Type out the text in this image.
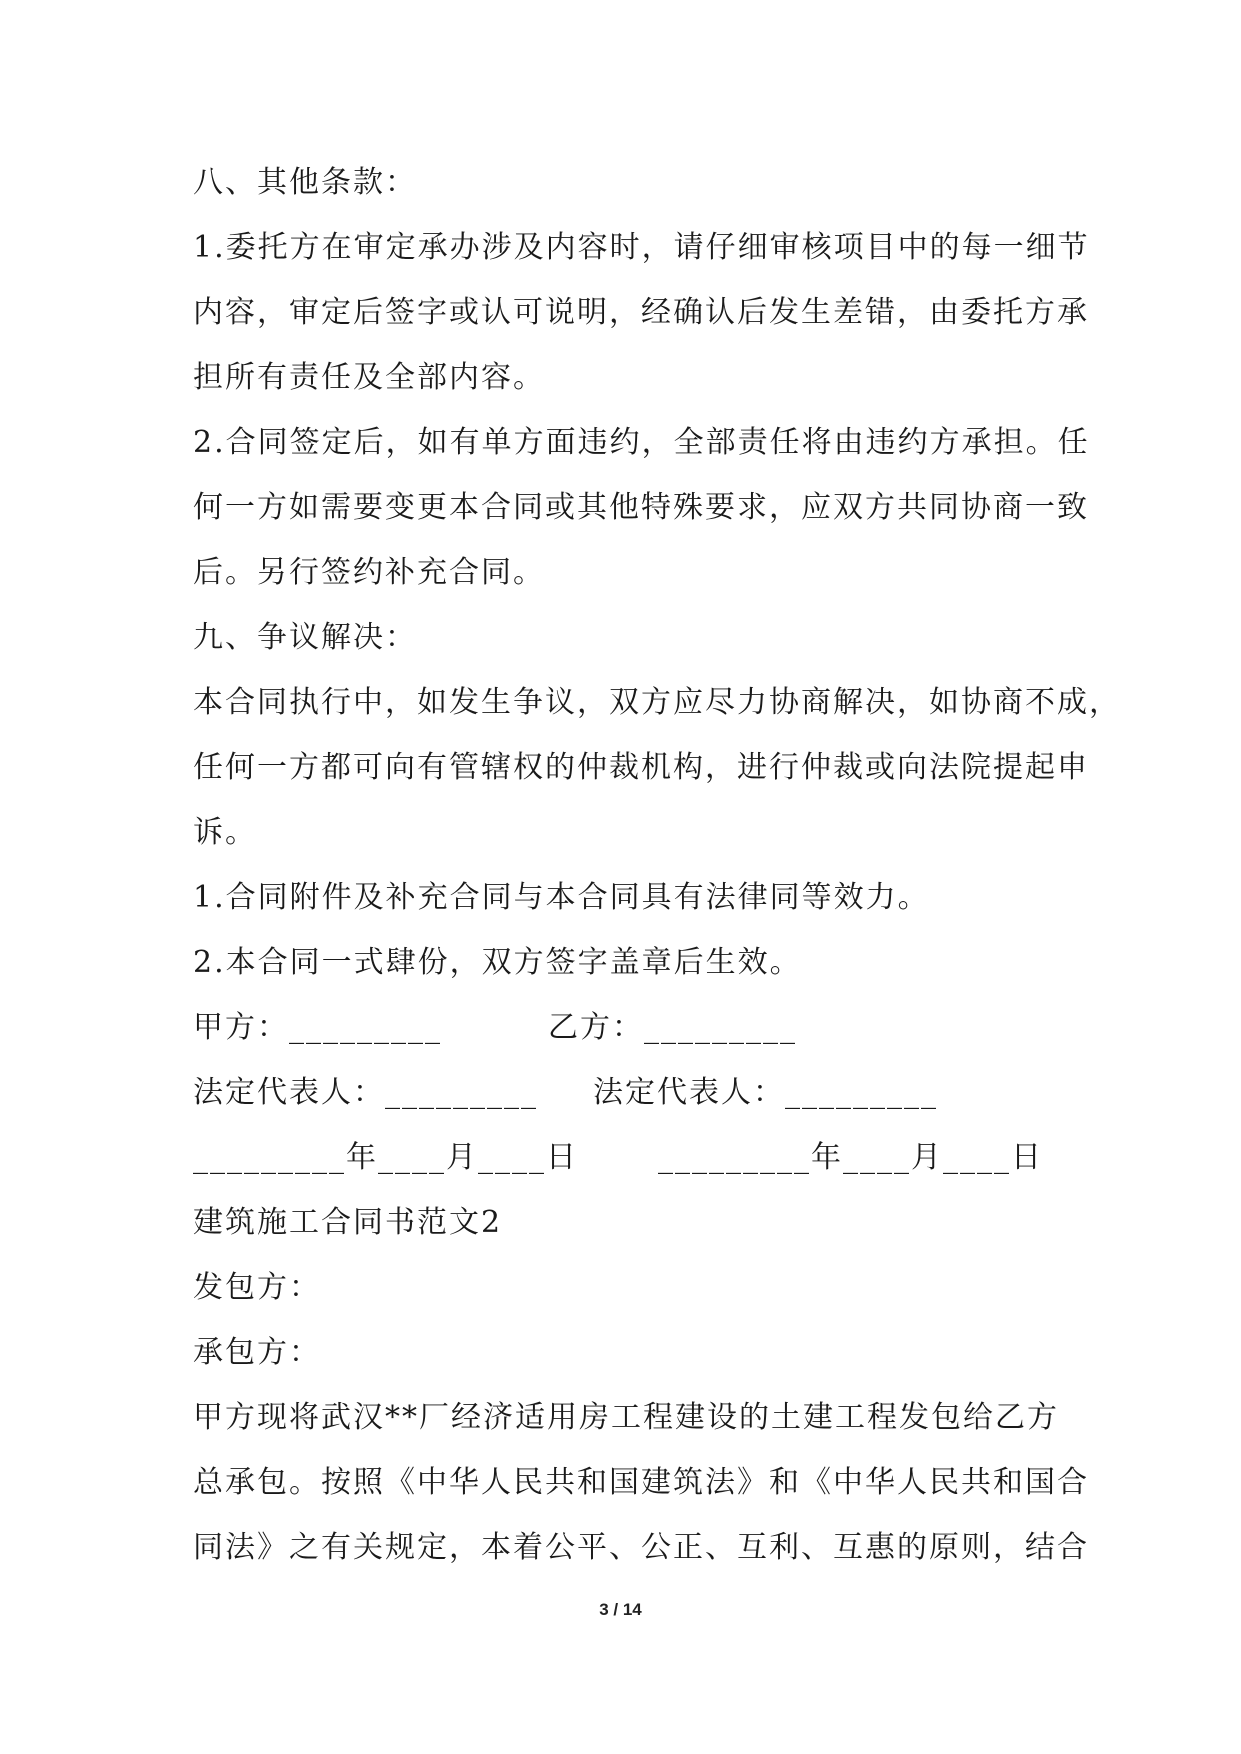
八、其他条款：
1.委托方在审定承办涉及内容时，请仔细审核项目中的每一细节
内容，审定后签字或认可说明，经确认后发生差错，由委托方承
担所有责任及全部内容。
2.合同签定后，如有单方面违约，全部责任将由违约方承担。任
何一方如需要变更本合同或其他特殊要求，应双方共同协商一致
后。另行签约补充合同。
九、争议解决：
本合同执行中，如发生争议，双方应尽力协商解决，如协商不成，
任何一方都可向有管辖权的仲裁机构，进行仲裁或向法院提起申
诉。
1.合同附件及补充合同与本合同具有法律同等效力。
2.本合同一式肆份，双方签字盖章后生效。
甲方：_________	乙方：_________
法定代表人：_________ 法定代表人：_________
_________年____月____日	_________年____月____日
建筑施工合同书范文2
发包方：
承包方：
甲方现将武汉**厂经济适用房工程建设的土建工程发包给乙方
总承包。按照《中华人民共和国建筑法》和《中华人民共和国合
同法》之有关规定，本着公平、公正、互利、互惠的原则，结合
3 / 14
